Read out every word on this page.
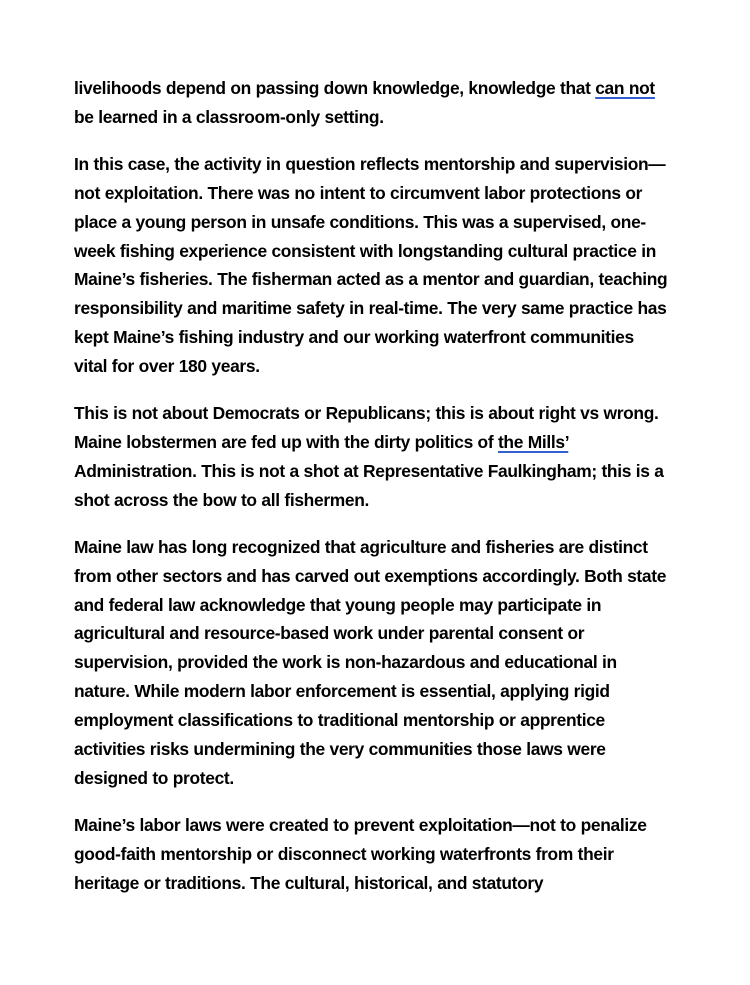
livelihoods depend on passing down knowledge, knowledge that can not be learned in a classroom-only setting.

In this case, the activity in question reflects mentorship and supervision—not exploitation. There was no intent to circumvent labor protections or place a young person in unsafe conditions. This was a supervised, one-week fishing experience consistent with longstanding cultural practice in Maine’s fisheries. The fisherman acted as a mentor and guardian, teaching responsibility and maritime safety in real-time. The very same practice has kept Maine’s fishing industry and our working waterfront communities vital for over 180 years.

This is not about Democrats or Republicans; this is about right vs wrong. Maine lobstermen are fed up with the dirty politics of the Mills’ Administration. This is not a shot at Representative Faulkingham; this is a shot across the bow to all fishermen.

Maine law has long recognized that agriculture and fisheries are distinct from other sectors and has carved out exemptions accordingly. Both state and federal law acknowledge that young people may participate in agricultural and resource-based work under parental consent or supervision, provided the work is non-hazardous and educational in nature. While modern labor enforcement is essential, applying rigid employment classifications to traditional mentorship or apprentice activities risks undermining the very communities those laws were designed to protect.

Maine’s labor laws were created to prevent exploitation—not to penalize good-faith mentorship or disconnect working waterfronts from their heritage or traditions. The cultural, historical, and statutory
